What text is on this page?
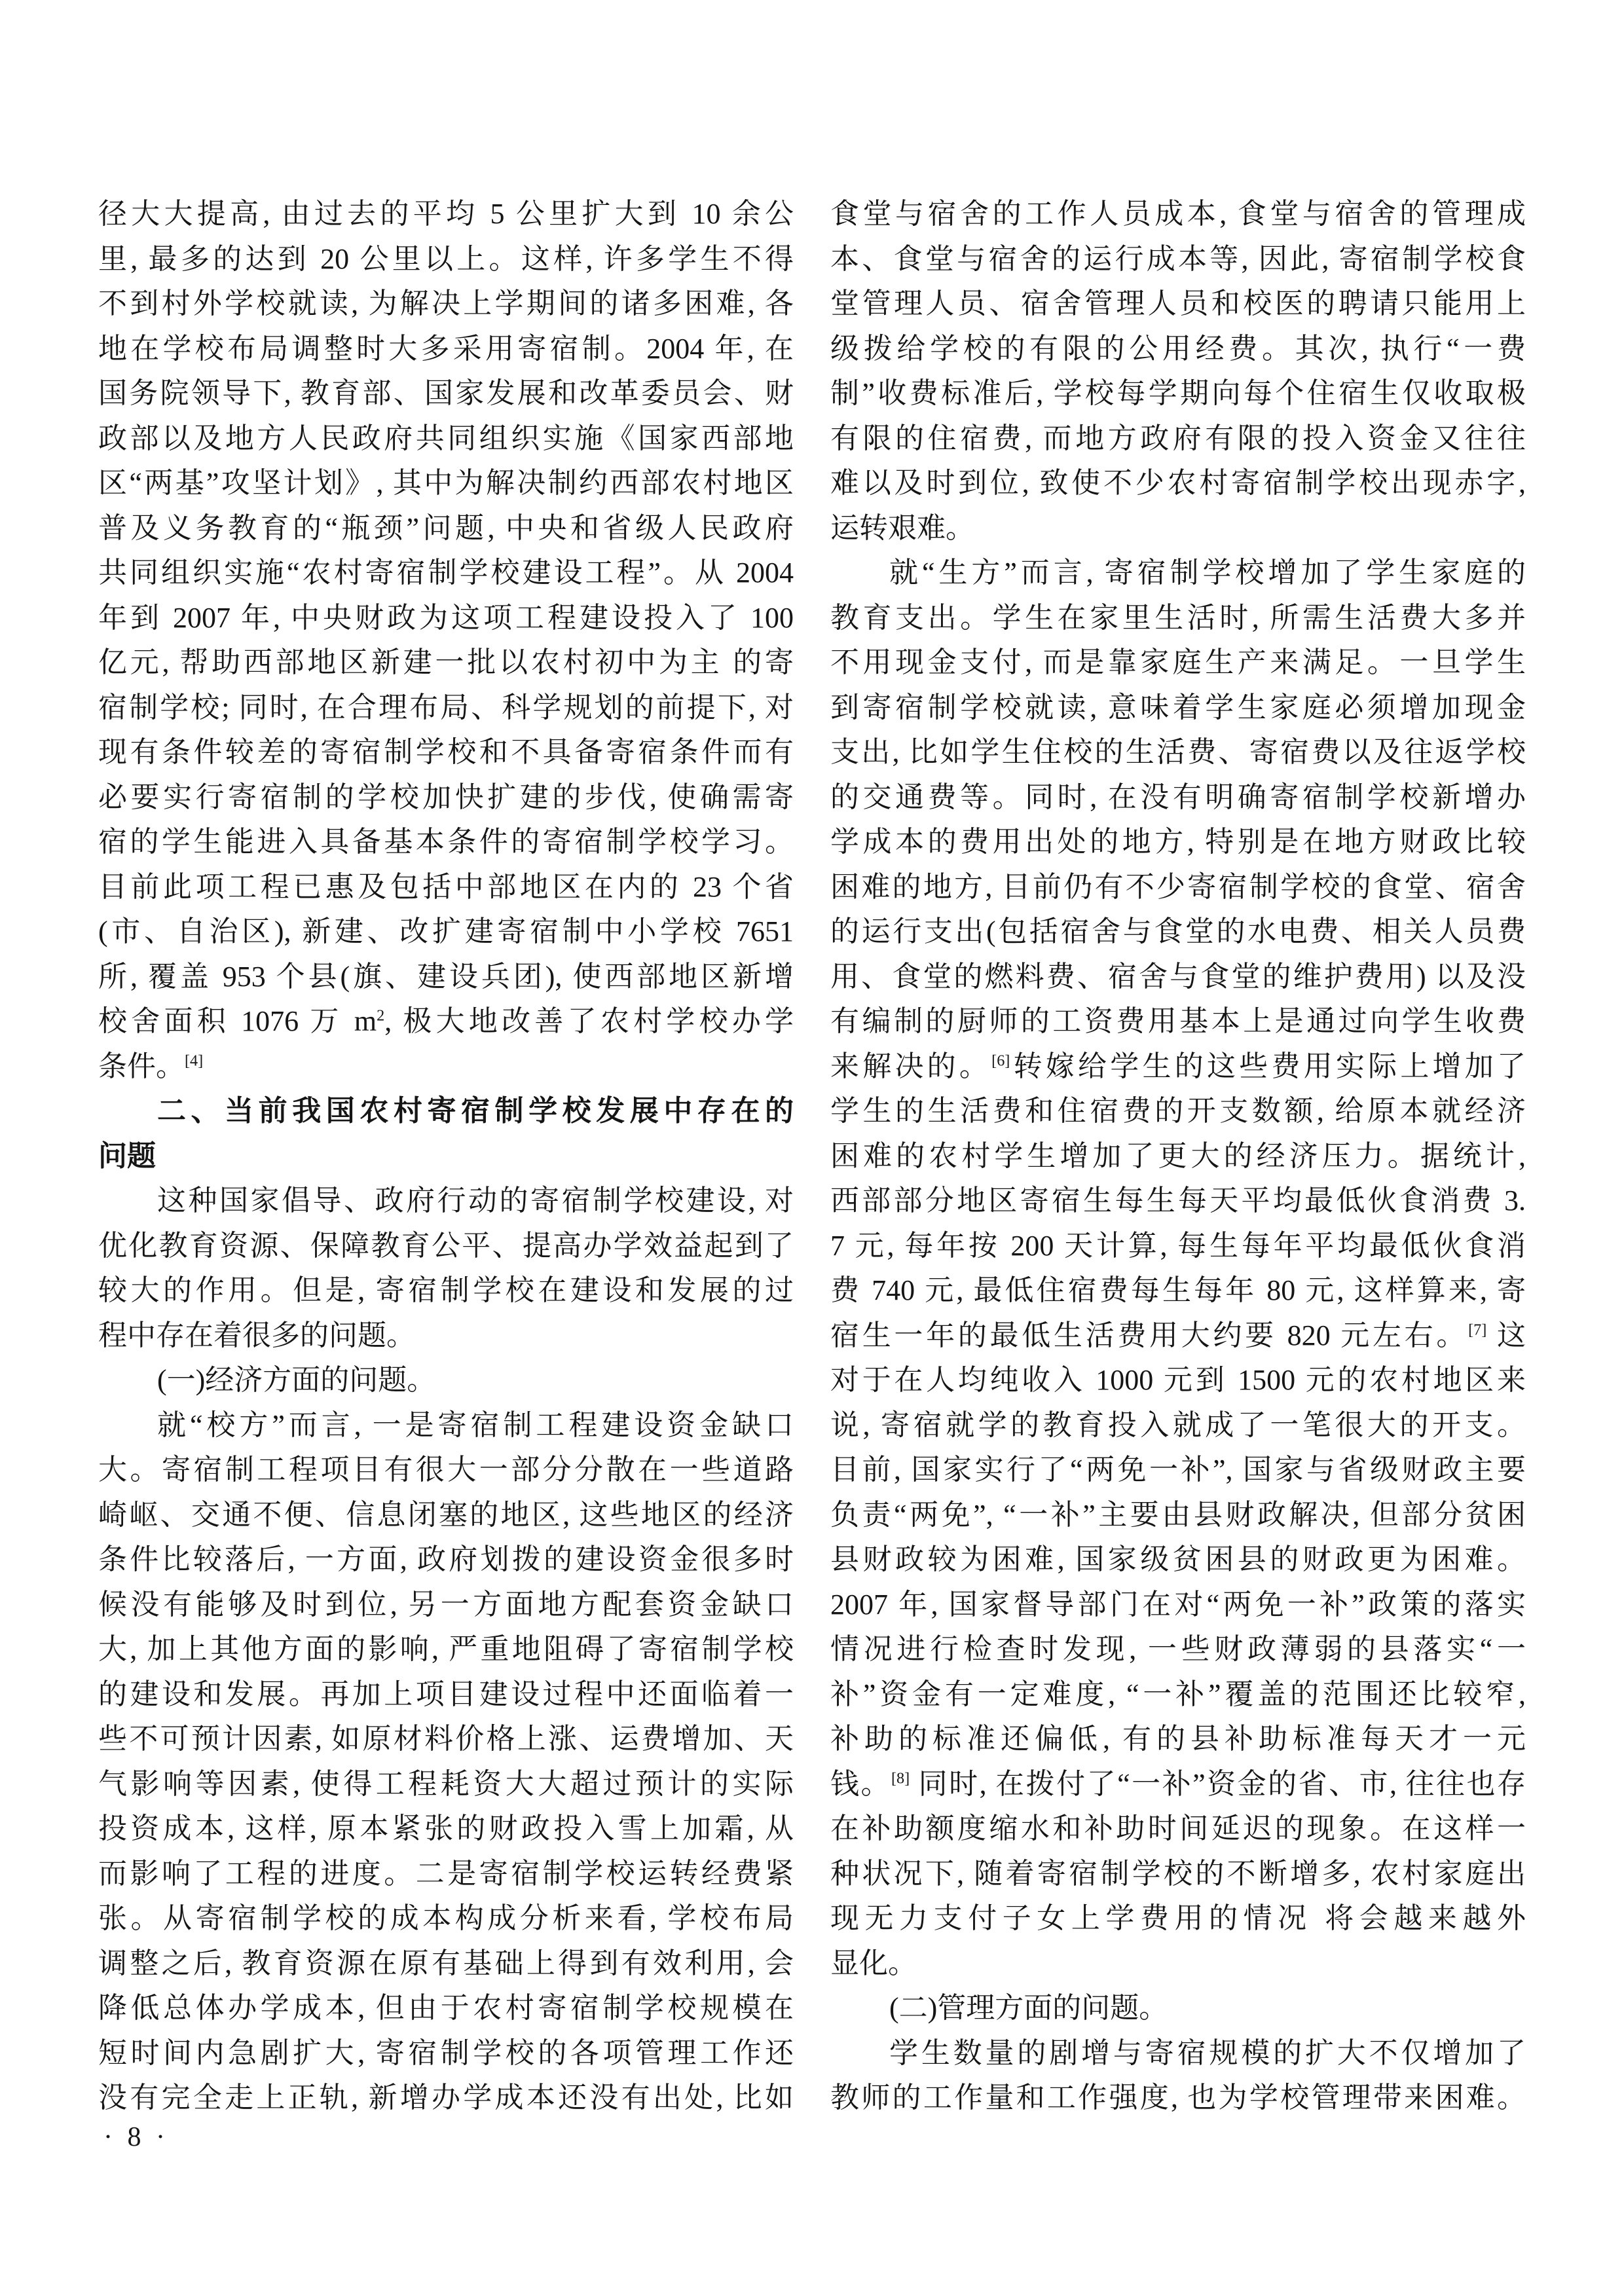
径大大提高, 由过去的平均 5 公里扩大到 10 余公
里, 最多的达到 20 公里以上。这样, 许多学生不得
不到村外学校就读, 为解决上学期间的诸多困难, 各
地在学校布局调整时大多采用寄宿制。2004 年, 在
国务院领导下, 教育部、国家发展和改革委员会、财
政部以及地方人民政府共同组织实施《国家西部地
区“两基”攻坚计划》, 其中为解决制约西部农村地区
普及义务教育的“瓶颈”问题, 中央和省级人民政府
共同组织实施“农村寄宿制学校建设工程”。从 2004
年到 2007 年, 中央财政为这项工程建设投入了 100
亿元, 帮助西部地区新建一批以农村初中为主 的寄
宿制学校; 同时, 在合理布局、科学规划的前提下, 对
现有条件较差的寄宿制学校和不具备寄宿条件而有
必要实行寄宿制的学校加快扩建的步伐, 使确需寄
宿的学生能进入具备基本条件的寄宿制学校学习。
目前此项工程已惠及包括中部地区在内的 23 个省
(市、自治区), 新建、改扩建寄宿制中小学校 7651
所, 覆盖 953 个县(旗、建设兵团), 使西部地区新增
校舍面积 1076 万 $m^2$, 极大地改善了农村学校办学
条件。[4]
二、当前我国农村寄宿制学校发展中存在的
问题
这种国家倡导、政府行动的寄宿制学校建设, 对
优化教育资源、保障教育公平、提高办学效益起到了
较大的作用。但是, 寄宿制学校在建设和发展的过
程中存在着很多的问题。
(一)经济方面的问题。
就“校方”而言, 一是寄宿制工程建设资金缺口
大。寄宿制工程项目有很大一部分分散在一些道路
崎岖、交通不便、信息闭塞的地区, 这些地区的经济
条件比较落后, 一方面, 政府划拨的建设资金很多时
候没有能够及时到位, 另一方面地方配套资金缺口
大, 加上其他方面的影响, 严重地阻碍了寄宿制学校
的建设和发展。再加上项目建设过程中还面临着一
些不可预计因素, 如原材料价格上涨、运费增加、天
气影响等因素, 使得工程耗资大大超过预计的实际
投资成本, 这样, 原本紧张的财政投入雪上加霜, 从
而影响了工程的进度。二是寄宿制学校运转经费紧
张。从寄宿制学校的成本构成分析来看, 学校布局
调整之后, 教育资源在原有基础上得到有效利用, 会
降低总体办学成本, 但由于农村寄宿制学校规模在
短时间内急剧扩大, 寄宿制学校的各项管理工作还
没有完全走上正轨, 新增办学成本还没有出处, 比如
食堂与宿舍的工作人员成本, 食堂与宿舍的管理成
本、食堂与宿舍的运行成本等, 因此, 寄宿制学校食
堂管理人员、宿舍管理人员和校医的聘请只能用上
级拨给学校的有限的公用经费。其次, 执行“一费
制”收费标准后, 学校每学期向每个住宿生仅收取极
有限的住宿费, 而地方政府有限的投入资金又往往
难以及时到位, 致使不少农村寄宿制学校出现赤字,
运转艰难。
就“生方”而言, 寄宿制学校增加了学生家庭的
教育支出。学生在家里生活时, 所需生活费大多并
不用现金支付, 而是靠家庭生产来满足。一旦学生
到寄宿制学校就读, 意味着学生家庭必须增加现金
支出, 比如学生住校的生活费、寄宿费以及往返学校
的交通费等。同时, 在没有明确寄宿制学校新增办
学成本的费用出处的地方, 特别是在地方财政比较
困难的地方, 目前仍有不少寄宿制学校的食堂、宿舍
的运行支出(包括宿舍与食堂的水电费、相关人员费
用、食堂的燃料费、宿舍与食堂的维护费用) 以及没
有编制的厨师的工资费用基本上是通过向学生收费
来解决的。[6]转嫁给学生的这些费用实际上增加了
学生的生活费和住宿费的开支数额, 给原本就经济
困难的农村学生增加了更大的经济压力。据统计,
西部部分地区寄宿生每生每天平均最低伙食消费 3.
7 元, 每年按 200 天计算, 每生每年平均最低伙食消
费 740 元, 最低住宿费每生每年 80 元, 这样算来, 寄
宿生一年的最低生活费用大约要 820 元左右。[7] 这
对于在人均纯收入 1000 元到 1500 元的农村地区来
说, 寄宿就学的教育投入就成了一笔很大的开支。
目前, 国家实行了“两免一补”, 国家与省级财政主要
负责“两免”, “一补”主要由县财政解决, 但部分贫困
县财政较为困难, 国家级贫困县的财政更为困难。
2007 年, 国家督导部门在对“两免一补”政策的落实
情况进行检查时发现, 一些财政薄弱的县落实“一
补”资金有一定难度, “一补”覆盖的范围还比较窄,
补助的标准还偏低, 有的县补助标准每天才一元
钱。[8] 同时, 在拨付了“一补”资金的省、市, 往往也存
在补助额度缩水和补助时间延迟的现象。在这样一
种状况下, 随着寄宿制学校的不断增多, 农村家庭出
现无力支付子女上学费用的情况 将会越来越外
显化。
(二)管理方面的问题。
学生数量的剧增与寄宿规模的扩大不仅增加了
教师的工作量和工作强度, 也为学校管理带来困难。
· 8 ·
